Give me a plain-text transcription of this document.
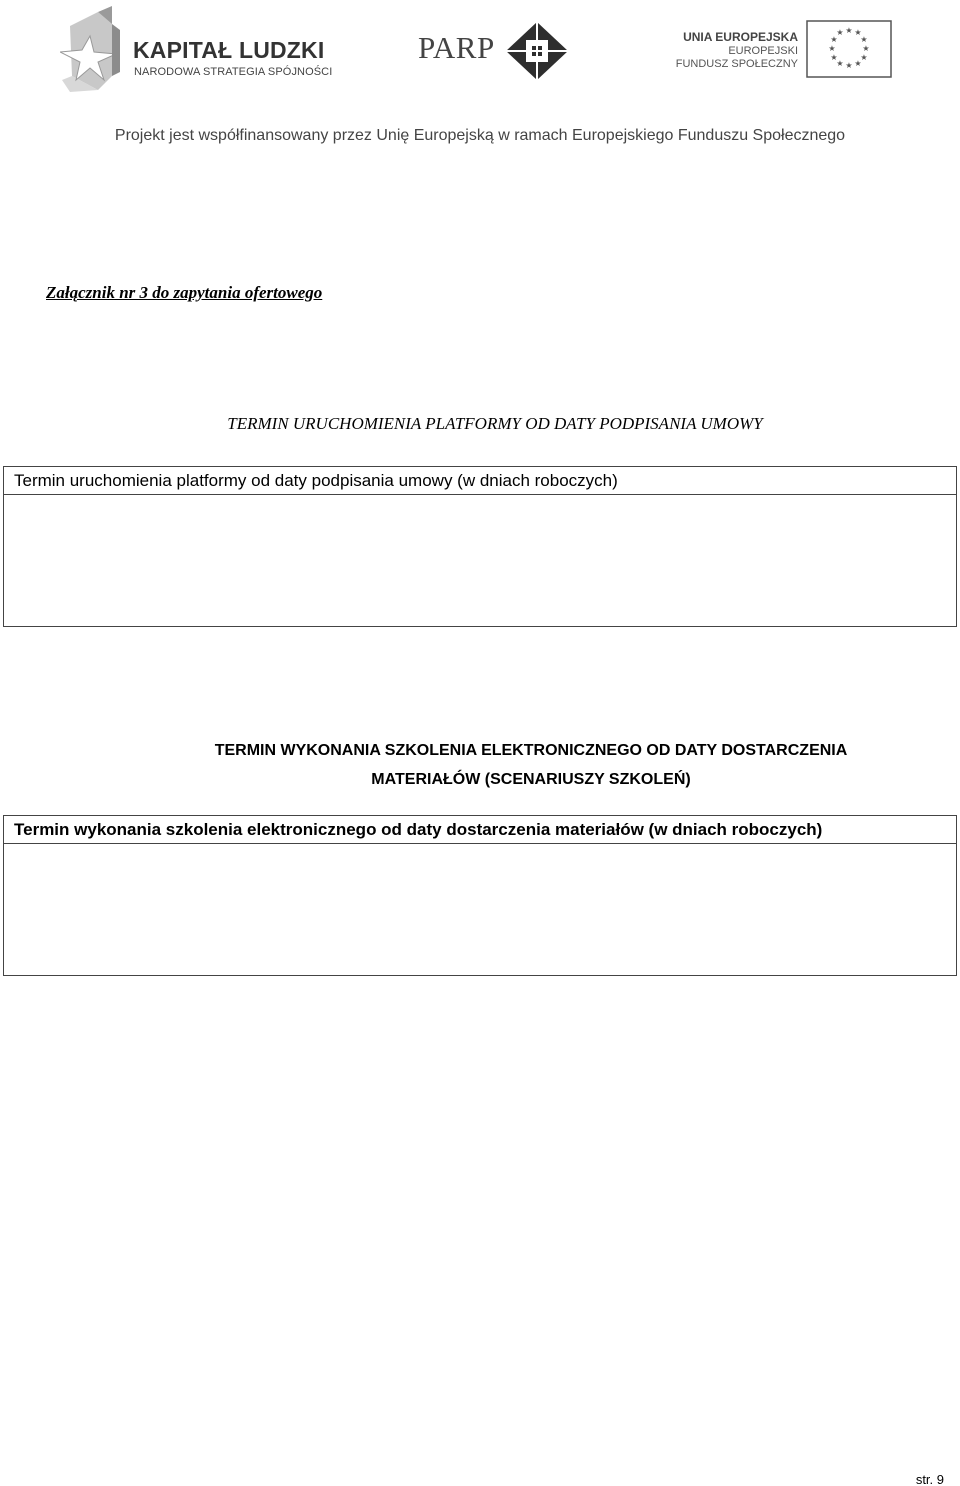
KAPITAŁ LUDZKI
NARODOWA STRATEGIA SPÓJNOŚCI
PARP	UNIA EUROPEJSKA
EUROPEJSKI
FUNDUSZ SPOŁECZNY
★ ★
★
★
★
★
★
★
★
★
★
★
Projekt jest współfinansowany przez Unię Europejską w ramach Europejskiego Funduszu Społecznego
Załącznik nr 3 do zapytania ofertowego
TERMIN URUCHOMIENIA PLATFORMY OD DATY PODPISANIA UMOWY
Termin uruchomienia platformy od daty podpisania umowy (w dniach roboczych)
TERMIN WYKONANIA SZKOLENIA ELEKTRONICZNEGO OD DATY DOSTARCZENIA
MATERIAŁÓW (SCENARIUSZY SZKOLEŃ)
Termin wykonania szkolenia elektronicznego od daty dostarczenia materiałów (w dniach roboczych)
str. 9
